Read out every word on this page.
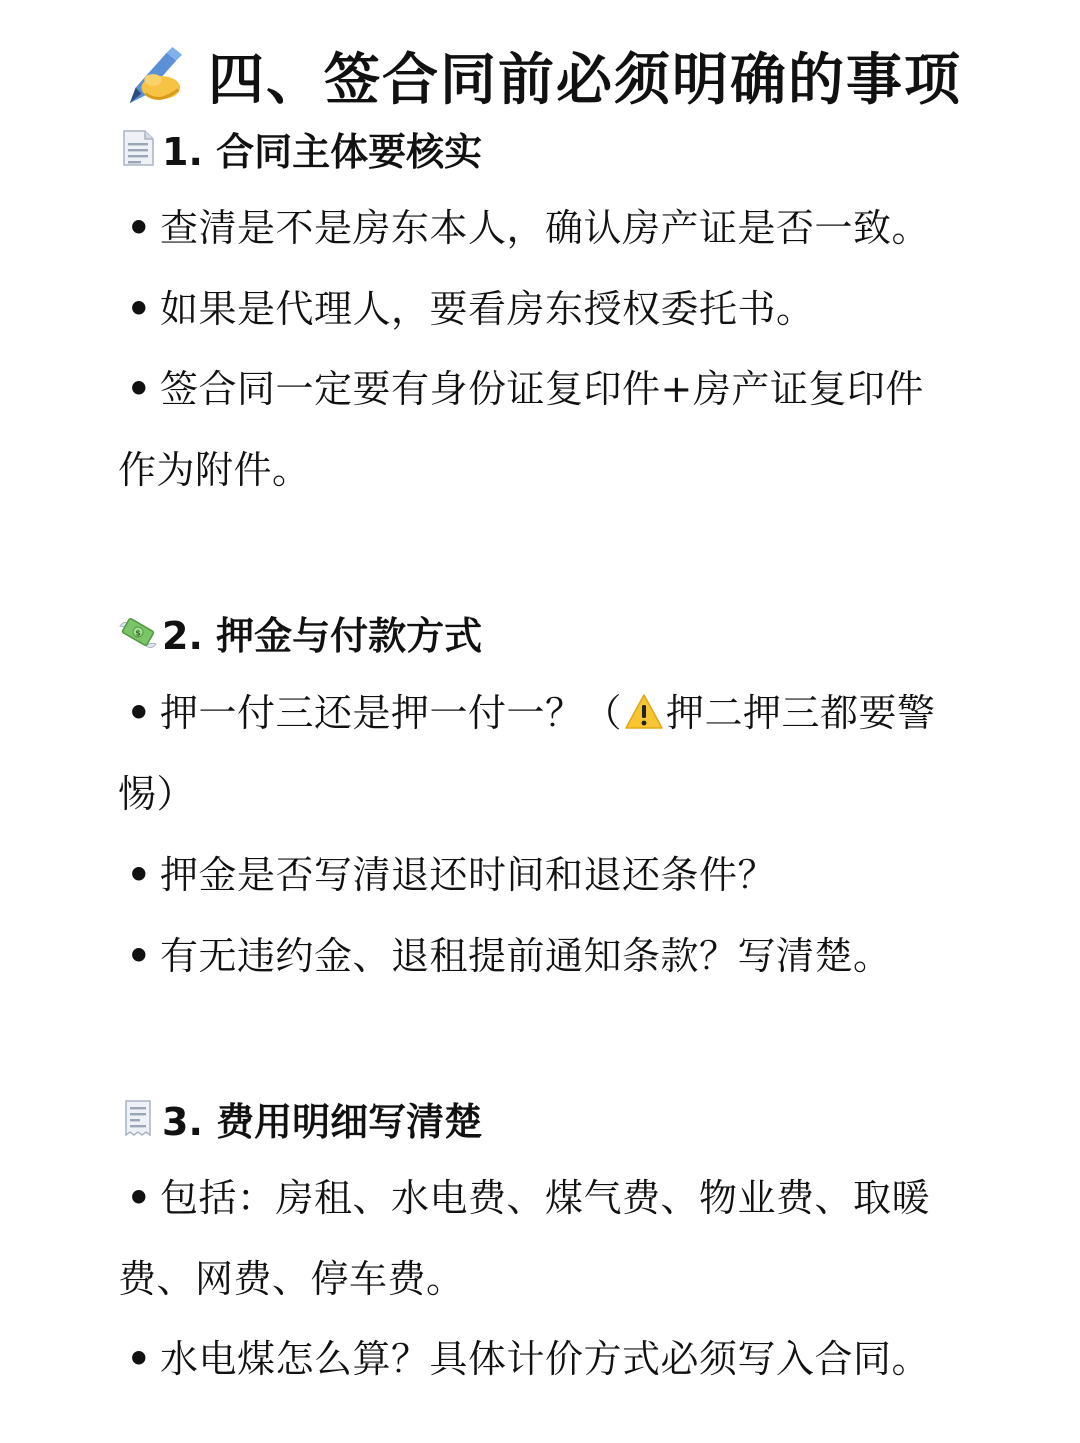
四、签合同前必须明确的事项
1. 合同主体要核实
• 查清是不是房东本人，确认房产证是否一致。
• 如果是代理人，要看房东授权委托书。
• 签合同一定要有身份证复印件+房产证复印件
作为附件。
$ 2. 押金与付款方式
• 押一付三还是押一付一？（ 押二押三都要警
惕）
• 押金是否写清退还时间和退还条件？
• 有无违约金、退租提前通知条款？写清楚。
3. 费用明细写清楚
• 包括：房租、水电费、煤气费、物业费、取暖
费、网费、停车费。
• 水电煤怎么算？具体计价方式必须写入合同。
